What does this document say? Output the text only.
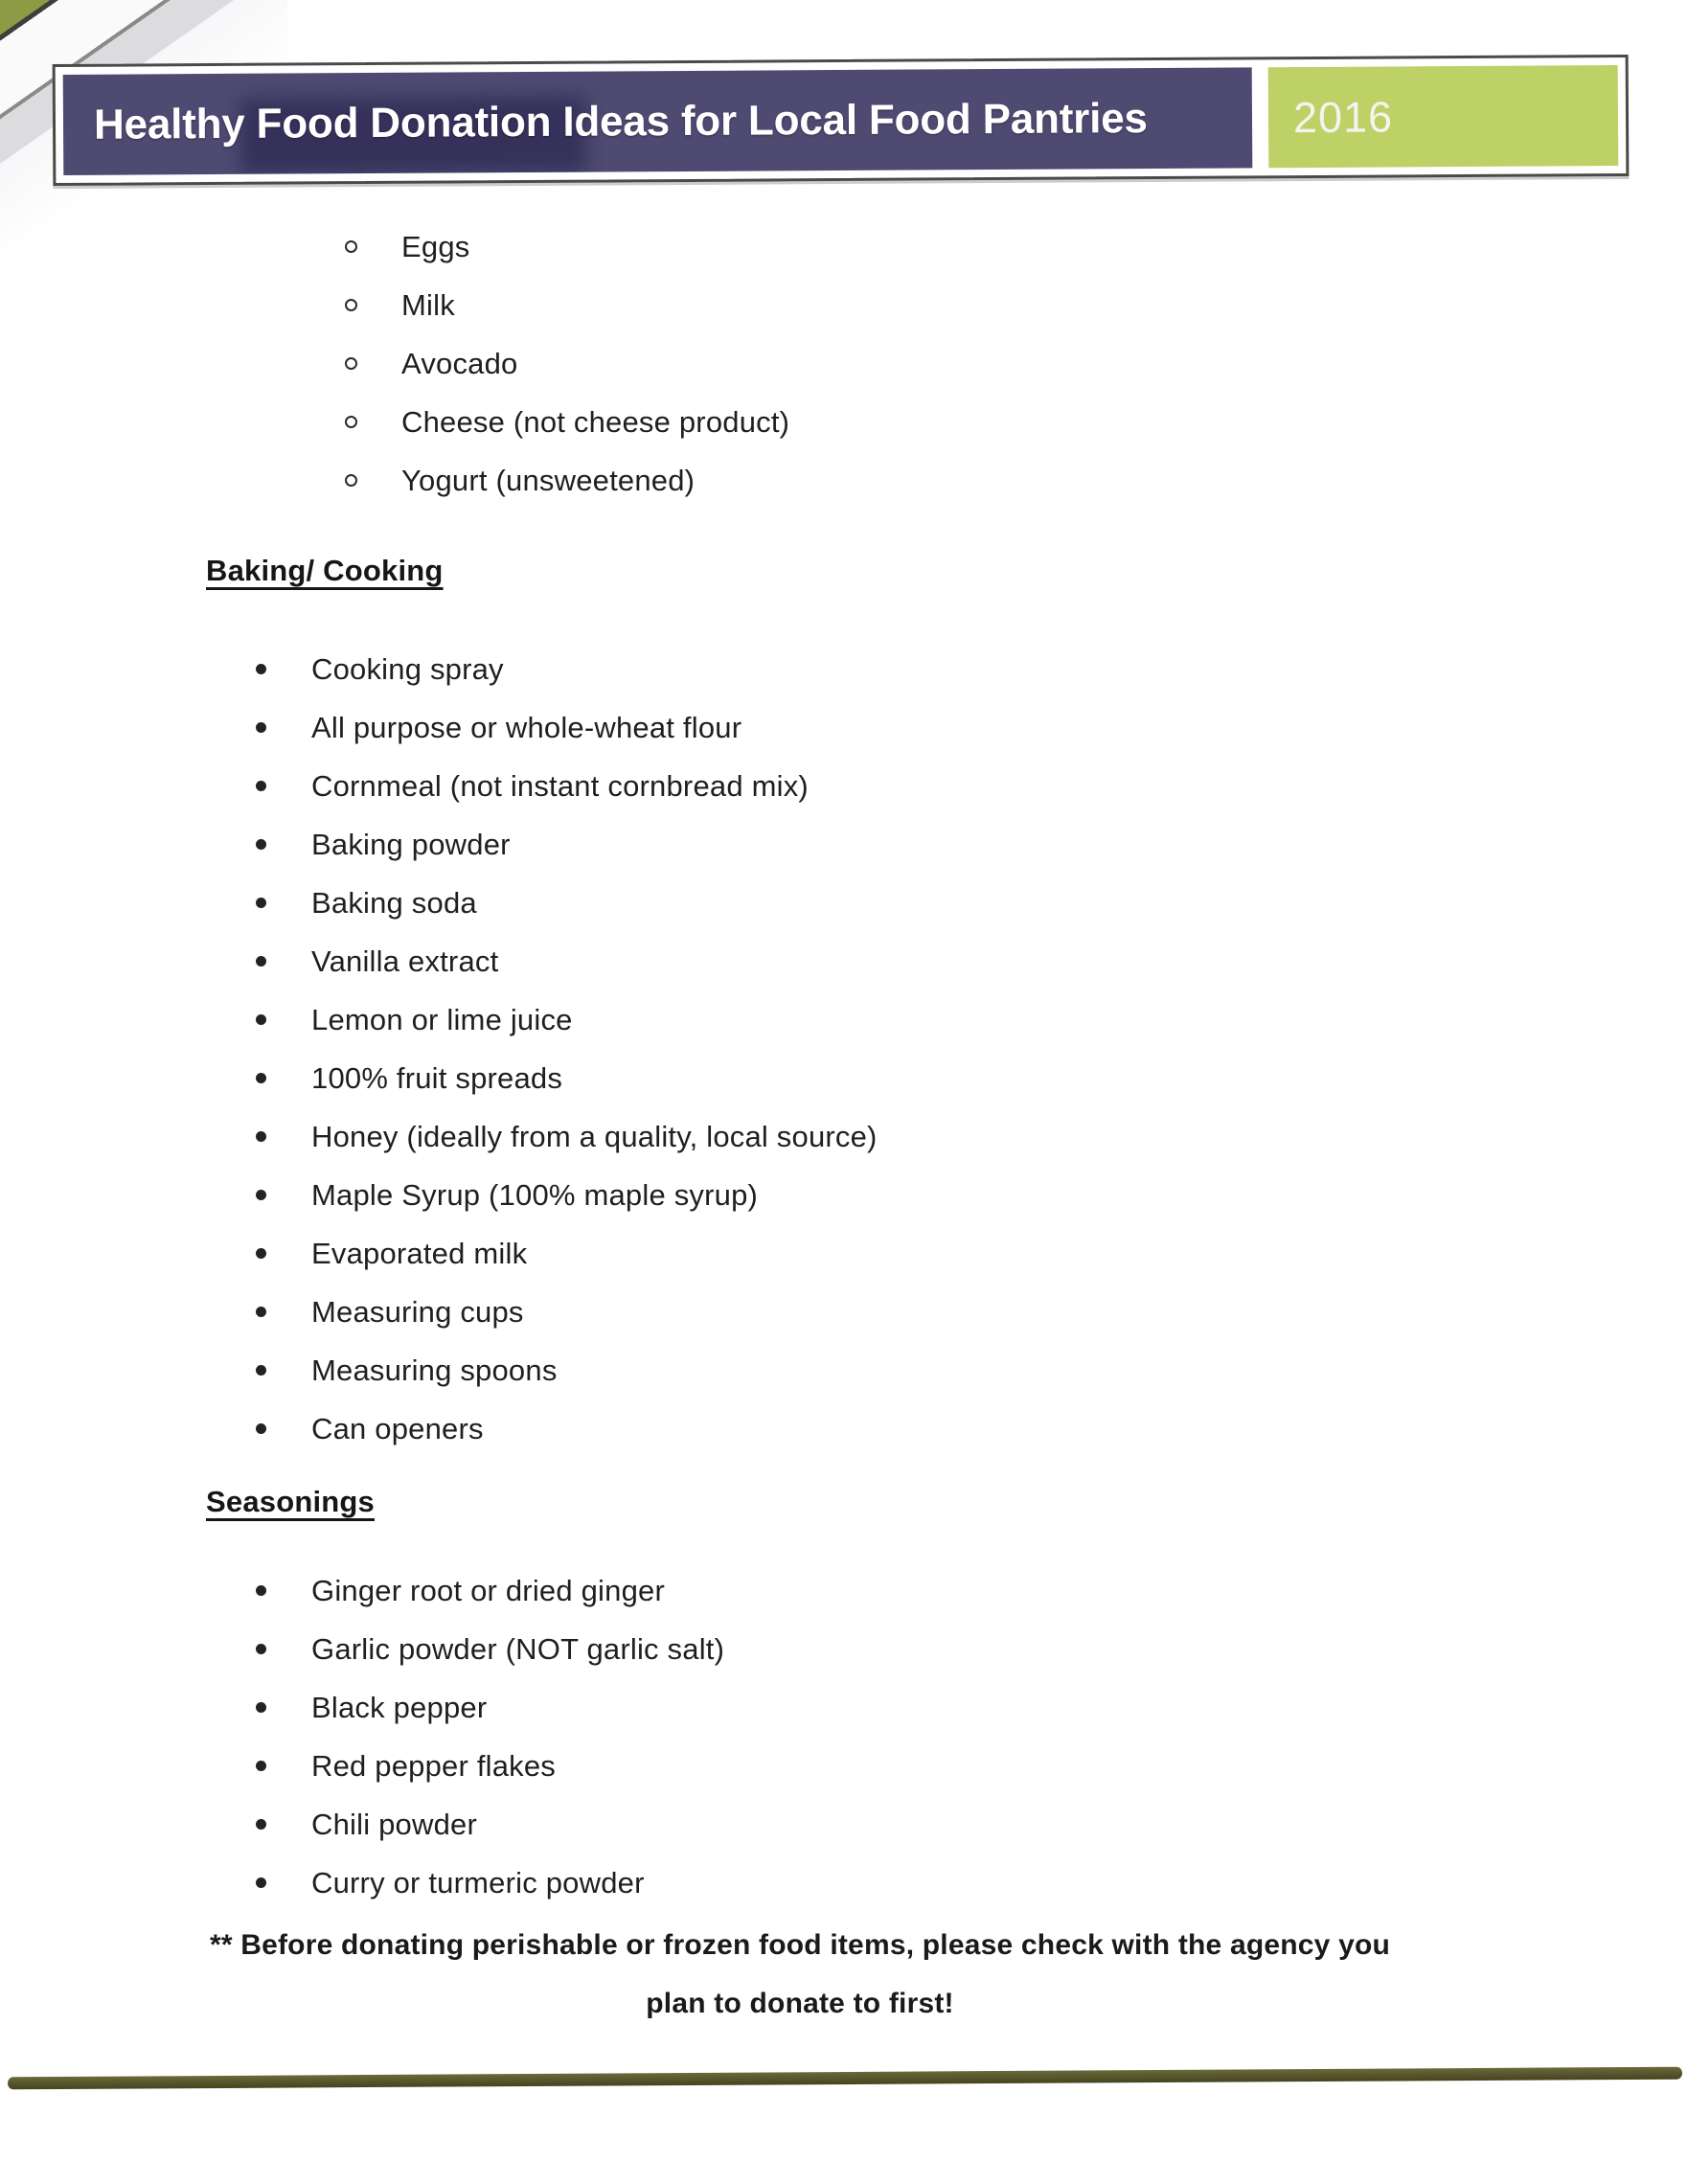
Healthy Food Donation Ideas for Local Food Pantries	2016
Eggs
Milk
Avocado
Cheese (not cheese product)
Yogurt (unsweetened)
Baking/ Cooking
Cooking spray
All purpose or whole-wheat flour
Cornmeal (not instant cornbread mix)
Baking powder
Baking soda
Vanilla extract
Lemon or lime juice
100% fruit spreads
Honey (ideally from a quality, local source)
Maple Syrup (100% maple syrup)
Evaporated milk
Measuring cups
Measuring spoons
Can openers
Seasonings
Ginger root or dried ginger
Garlic powder (NOT garlic salt)
Black pepper
Red pepper flakes
Chili powder
Curry or turmeric powder
** Before donating perishable or frozen food items, please check with the agency you
plan to donate to first!
